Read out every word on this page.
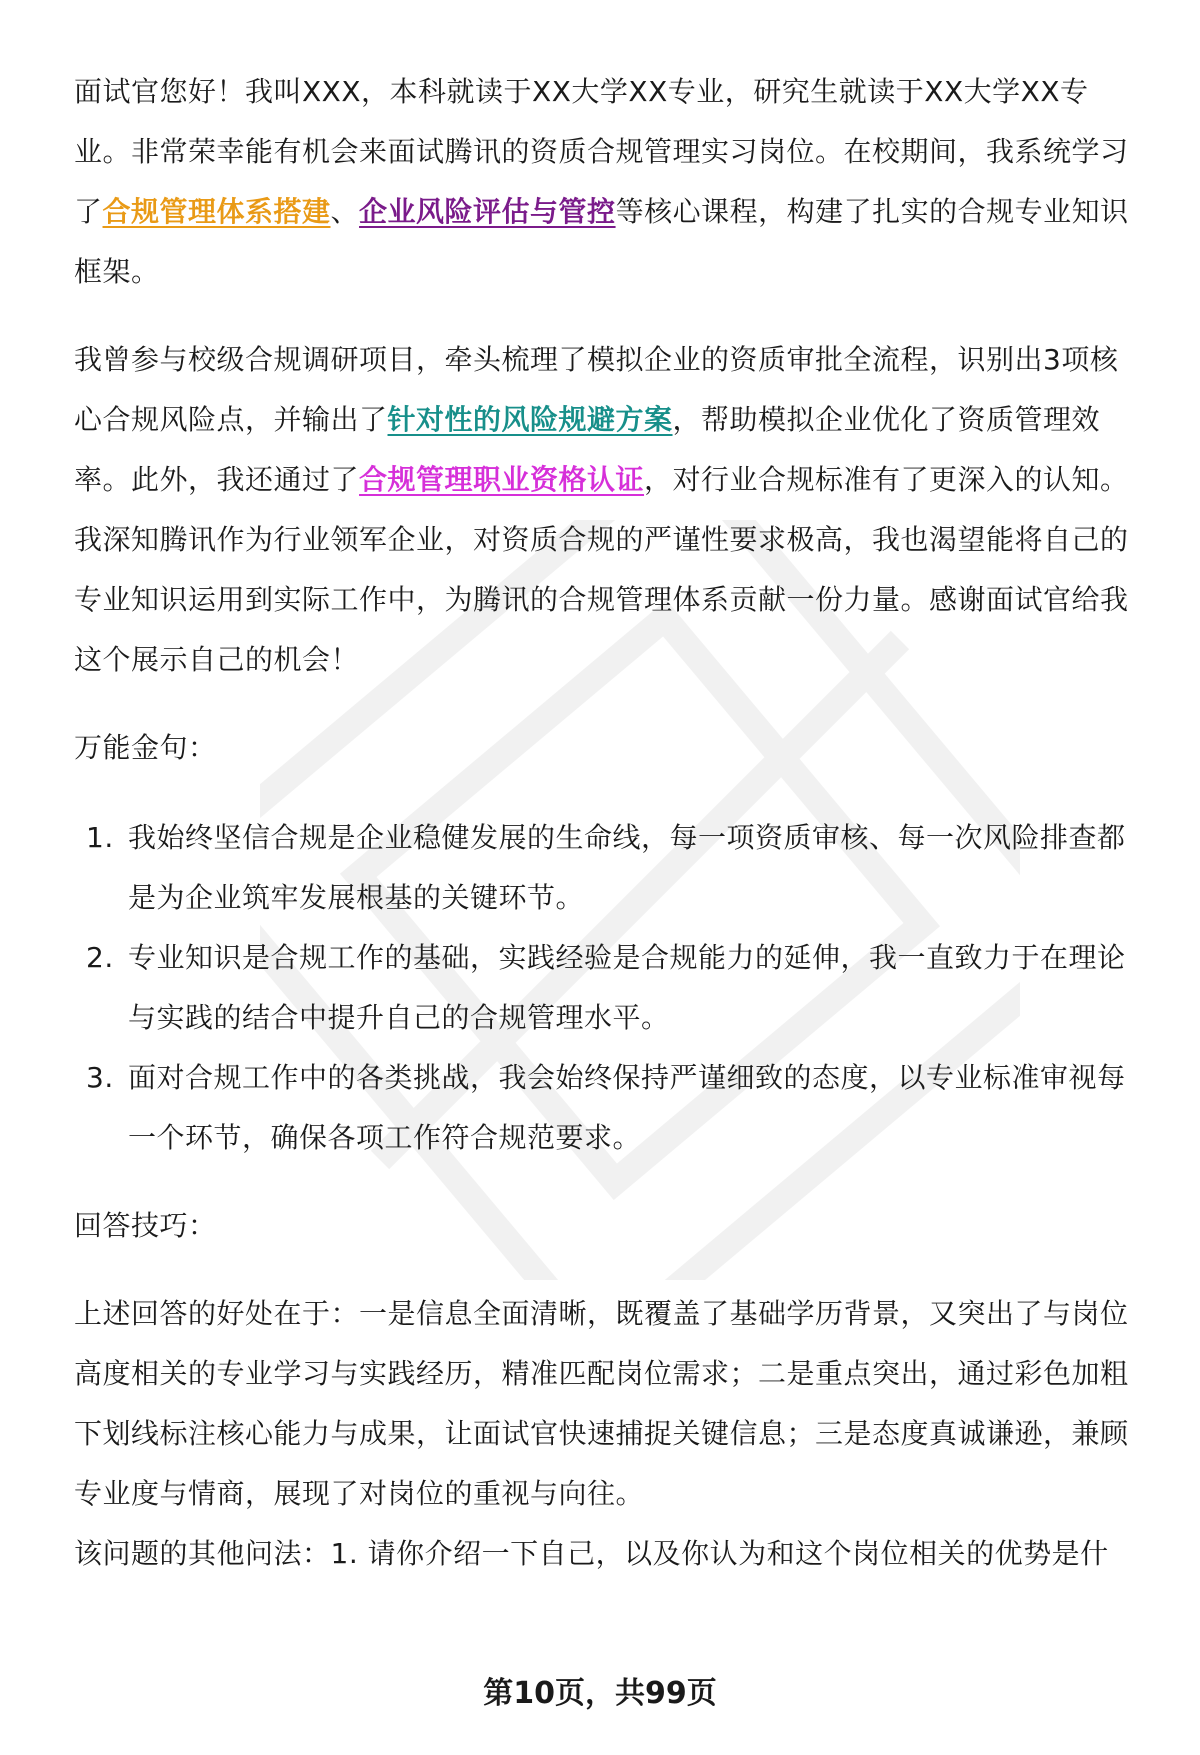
面试官您好！我叫XXX，本科就读于XX大学XX专业，研究生就读于XX大学XX专业。非常荣幸能有机会来面试腾讯的资质合规管理实习岗位。在校期间，我系统学习了合规管理体系搭建、企业风险评估与管控等核心课程，构建了扎实的合规专业知识框架。

我曾参与校级合规调研项目，牵头梳理了模拟企业的资质审批全流程，识别出3项核心合规风险点，并输出了针对性的风险规避方案，帮助模拟企业优化了资质管理效率。此外，我还通过了合规管理职业资格认证，对行业合规标准有了更深入的认知。

我深知腾讯作为行业领军企业，对资质合规的严谨性要求极高，我也渴望能将自己的专业知识运用到实际工作中，为腾讯的合规管理体系贡献一份力量。感谢面试官给我这个展示自己的机会！

万能金句：

1. 我始终坚信合规是企业稳健发展的生命线，每一项资质审核、每一次风险排查都是为企业筑牢发展根基的关键环节。
2. 专业知识是合规工作的基础，实践经验是合规能力的延伸，我一直致力于在理论与实践的结合中提升自己的合规管理水平。
3. 面对合规工作中的各类挑战，我会始终保持严谨细致的态度，以专业标准审视每一个环节，确保各项工作符合规范要求。

回答技巧：

上述回答的好处在于：一是信息全面清晰，既覆盖了基础学历背景，又突出了与岗位高度相关的专业学习与实践经历，精准匹配岗位需求；二是重点突出，通过彩色加粗下划线标注核心能力与成果，让面试官快速捕捉关键信息；三是态度真诚谦逊，兼顾专业度与情商，展现了对岗位的重视与向往。

该问题的其他问法：1. 请你介绍一下自己，以及你认为和这个岗位相关的优势是什

第10页，共99页
